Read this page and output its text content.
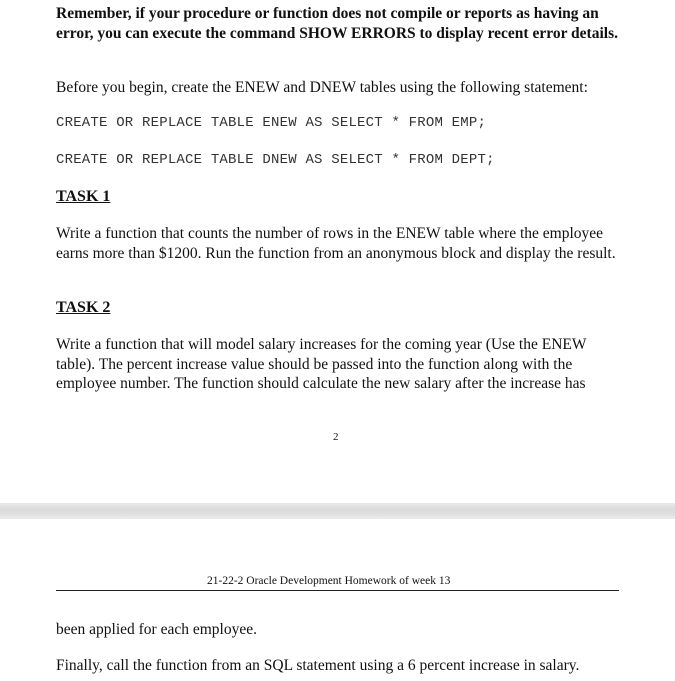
Remember, if your procedure or function does not compile or reports as having an error, you can execute the command SHOW ERRORS to display recent error details.

Before you begin, create the ENEW and DNEW tables using the following statement:

CREATE OR REPLACE TABLE ENEW AS SELECT * FROM EMP;
CREATE OR REPLACE TABLE DNEW AS SELECT * FROM DEPT;
TASK 1

Write a function that counts the number of rows in the ENEW table where the employee earns more than $1200. Run the function from an anonymous block and display the result.

TASK 2

Write a function that will model salary increases for the coming year (Use the ENEW table). The percent increase value should be passed into the function along with the employee number. The function should calculate the new salary after the increase has

2
21-22-2 Oracle Development Homework of week 13

been applied for each employee.

Finally, call the function from an SQL statement using a 6 percent increase in salary.
